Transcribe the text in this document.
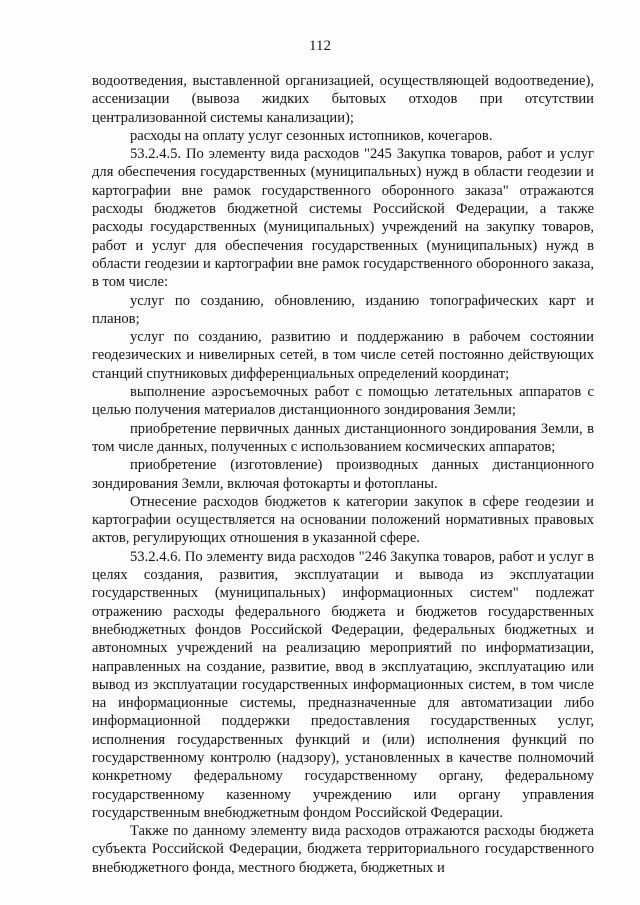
112

водоотведения, выставленной организацией, осуществляющей водоотведение), ассенизации (вывоза жидких бытовых отходов при отсутствии централизованной системы канализации);

расходы на оплату услуг сезонных истопников, кочегаров.

53.2.4.5. По элементу вида расходов "245 Закупка товаров, работ и услуг для обеспечения государственных (муниципальных) нужд в области геодезии и картографии вне рамок государственного оборонного заказа" отражаются расходы бюджетов бюджетной системы Российской Федерации, а также расходы государственных (муниципальных) учреждений на закупку товаров, работ и услуг для обеспечения государственных (муниципальных) нужд в области геодезии и картографии вне рамок государственного оборонного заказа, в том числе:

услуг по созданию, обновлению, изданию топографических карт и планов;

услуг по созданию, развитию и поддержанию в рабочем состоянии геодезических и нивелирных сетей, в том числе сетей постоянно действующих станций спутниковых дифференциальных определений координат;

выполнение аэросъемочных работ с помощью летательных аппаратов с целью получения материалов дистанционного зондирования Земли;

приобретение первичных данных дистанционного зондирования Земли, в том числе данных, полученных с использованием космических аппаратов;

приобретение (изготовление) производных данных дистанционного зондирования Земли, включая фотокарты и фотопланы.

Отнесение расходов бюджетов к категории закупок в сфере геодезии и картографии осуществляется на основании положений нормативных правовых актов, регулирующих отношения в указанной сфере.

53.2.4.6. По элементу вида расходов "246 Закупка товаров, работ и услуг в целях создания, развития, эксплуатации и вывода из эксплуатации государственных (муниципальных) информационных систем" подлежат отражению расходы федерального бюджета и бюджетов государственных внебюджетных фондов Российской Федерации, федеральных бюджетных и автономных учреждений на реализацию мероприятий по информатизации, направленных на создание, развитие, ввод в эксплуатацию, эксплуатацию или вывод из эксплуатации государственных информационных систем, в том числе на информационные системы, предназначенные для автоматизации либо информационной поддержки предоставления государственных услуг, исполнения государственных функций и (или) исполнения функций по государственному контролю (надзору), установленных в качестве полномочий конкретному федеральному государственному органу, федеральному государственному казенному учреждению или органу управления государственным внебюджетным фондом Российской Федерации.

Также по данному элементу вида расходов отражаются расходы бюджета субъекта Российской Федерации, бюджета территориального государственного внебюджетного фонда, местного бюджета, бюджетных и
